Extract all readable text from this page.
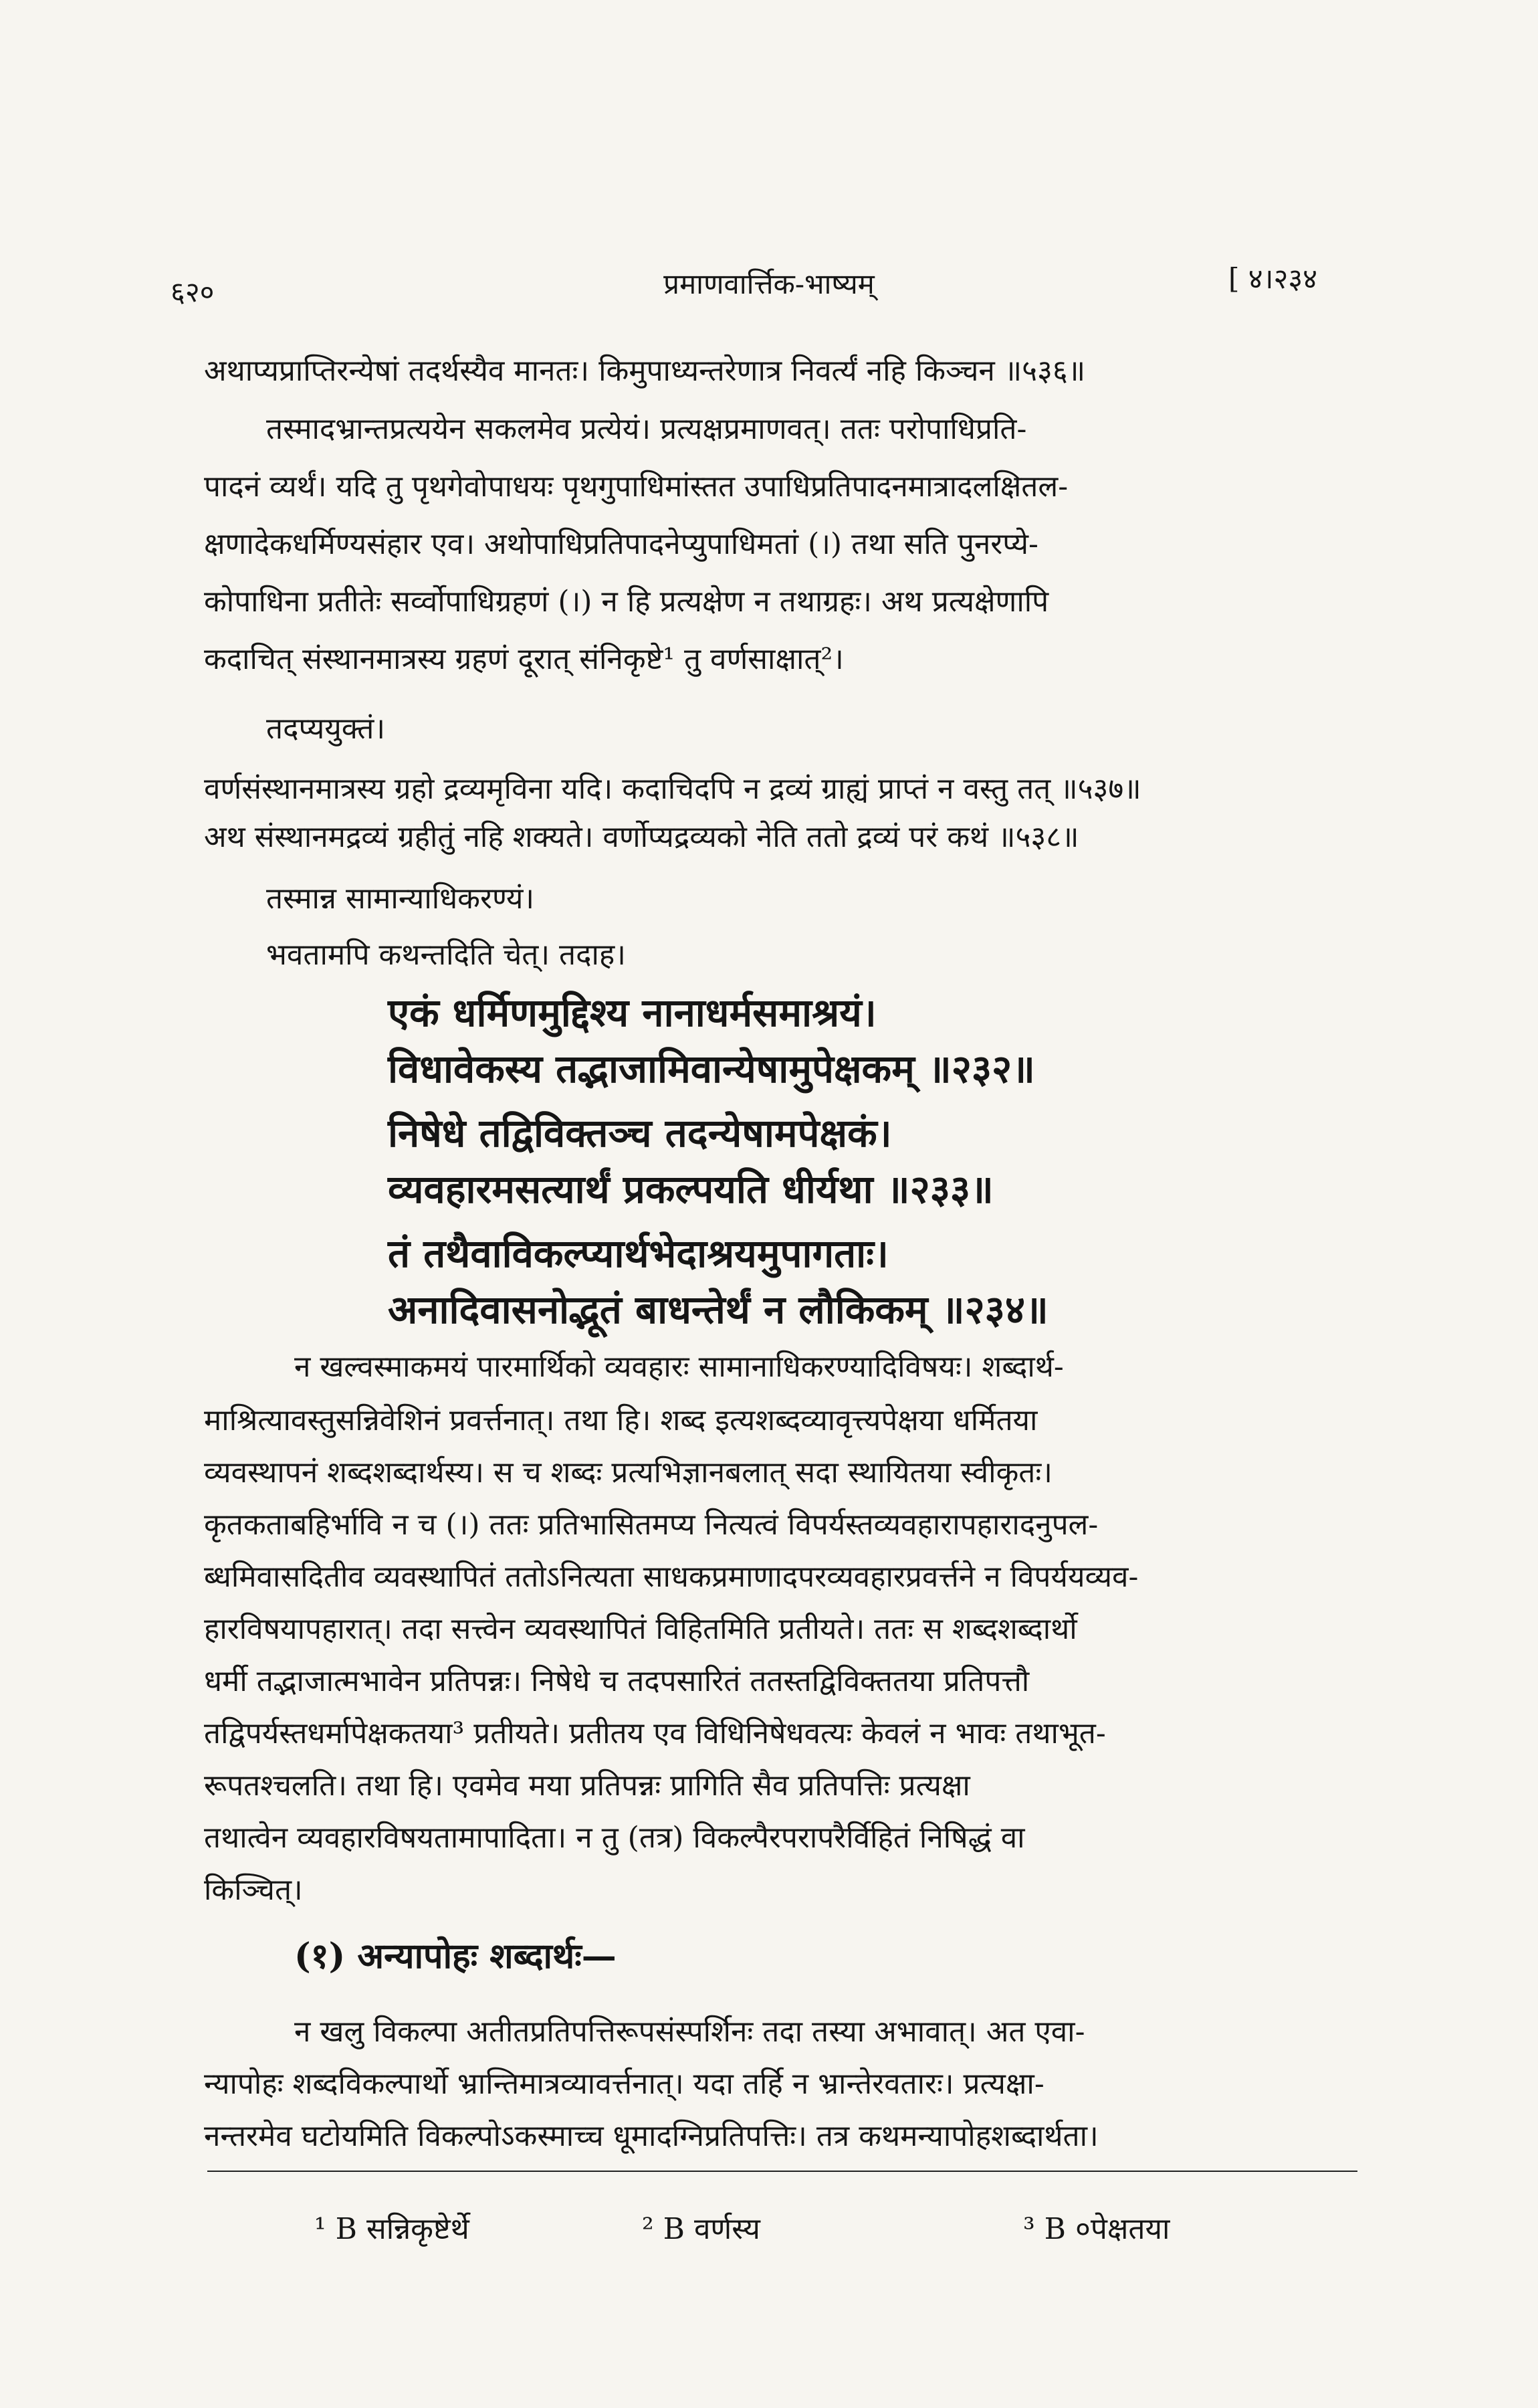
६२०	प्रमाणवार्त्तिक-भाष्यम्	[ ४।२३४
अथाप्यप्राप्तिरन्येषां तदर्थस्यैव मानतः। किमुपाध्यन्तरेणात्र निवर्त्यं नहि किञ्चन ॥५३६॥
तस्मादभ्रान्तप्रत्ययेन सकलमेव प्रत्येयं। प्रत्यक्षप्रमाणवत्। ततः परोपाधिप्रति-
पादनं व्यर्थं। यदि तु पृथगेवोपाधयः पृथगुपाधिमांस्तत उपाधिप्रतिपादनमात्रादलक्षितल-
क्षणादेकधर्मिण्यसंहार एव। अथोपाधिप्रतिपादनेप्युपाधिमतां (।) तथा सति पुनरप्ये-
कोपाधिना प्रतीतेः सर्व्वोपाधिग्रहणं (।) न हि प्रत्यक्षेण न तथाग्रहः। अथ प्रत्यक्षेणापि
कदाचित् संस्थानमात्रस्य ग्रहणं दूरात् संनिकृष्टे¹ तु वर्णसाक्षात्²।
तदप्ययुक्तं।
वर्णसंस्थानमात्रस्य ग्रहो द्रव्यमृविना यदि। कदाचिदपि न द्रव्यं ग्राह्यं प्राप्तं न वस्तु तत् ॥५३७॥
अथ संस्थानमद्रव्यं ग्रहीतुं नहि शक्यते। वर्णोप्यद्रव्यको नेति ततो द्रव्यं परं कथं ॥५३८॥
तस्मान्न सामान्याधिकरण्यं।
भवतामपि कथन्तदिति चेत्। तदाह।
एकं धर्मिणमुद्दिश्य नानाधर्मसमाश्रयं।
विधावेकस्य तद्भाजामिवान्येषामुपेक्षकम् ॥२३२॥
निषेधे तद्विविक्तञ्च तदन्येषामपेक्षकं।
व्यवहारमसत्यार्थं प्रकल्पयति धीर्यथा ॥२३३॥
तं तथैवाविकल्प्यार्थभेदाश्रयमुपागताः।
अनादिवासनोद्भूतं बाधन्तेर्थं न लौकिकम् ॥२३४॥
न खल्वस्माकमयं पारमार्थिको व्यवहारः सामानाधिकरण्यादिविषयः। शब्दार्थ-
माश्रित्यावस्तुसन्निवेशिनं प्रवर्त्तनात्। तथा हि। शब्द इत्यशब्दव्यावृत्त्यपेक्षया धर्मितया
व्यवस्थापनं शब्दशब्दार्थस्य। स च शब्दः प्रत्यभिज्ञानबलात् सदा स्थायितया स्वीकृतः।
कृतकताबहिर्भावि न च (।) ततः प्रतिभासितमप्य नित्यत्वं विपर्यस्तव्यवहारापहारादनुपल-
ब्धमिवासदितीव व्यवस्थापितं ततोऽनित्यता साधकप्रमाणादपरव्यवहारप्रवर्त्तने न विपर्ययव्यव-
हारविषयापहारात्। तदा सत्त्वेन व्यवस्थापितं विहितमिति प्रतीयते। ततः स शब्दशब्दार्थो
धर्मी तद्भाजात्मभावेन प्रतिपन्नः। निषेधे च तदपसारितं ततस्तद्विविक्ततया प्रतिपत्तौ
तद्विपर्यस्तधर्मापेक्षकतया³ प्रतीयते। प्रतीतय एव विधिनिषेधवत्यः केवलं न भावः तथाभूत-
रूपतश्चलति। तथा हि। एवमेव मया प्रतिपन्नः प्रागिति सैव प्रतिपत्तिः प्रत्यक्षा
तथात्वेन व्यवहारविषयतामापादिता। न तु (तत्र) विकल्पैरपरापरैर्विहितं निषिद्धं वा
किञ्चित्।
(१) अन्यापोहः शब्दार्थः—
न खलु विकल्पा अतीतप्रतिपत्तिरूपसंस्पर्शिनः तदा तस्या अभावात्। अत एवा-
न्यापोहः शब्दविकल्पार्थो भ्रान्तिमात्रव्यावर्त्तनात्। यदा तर्हि न भ्रान्तेरवतारः। प्रत्यक्षा-
नन्तरमेव घटोयमिति विकल्पोऽकस्माच्च धूमादग्निप्रतिपत्तिः। तत्र कथमन्यापोहशब्दार्थता।
¹ B सन्निकृष्टेर्थे	² B वर्णस्य	³ B ०पेक्षतया
